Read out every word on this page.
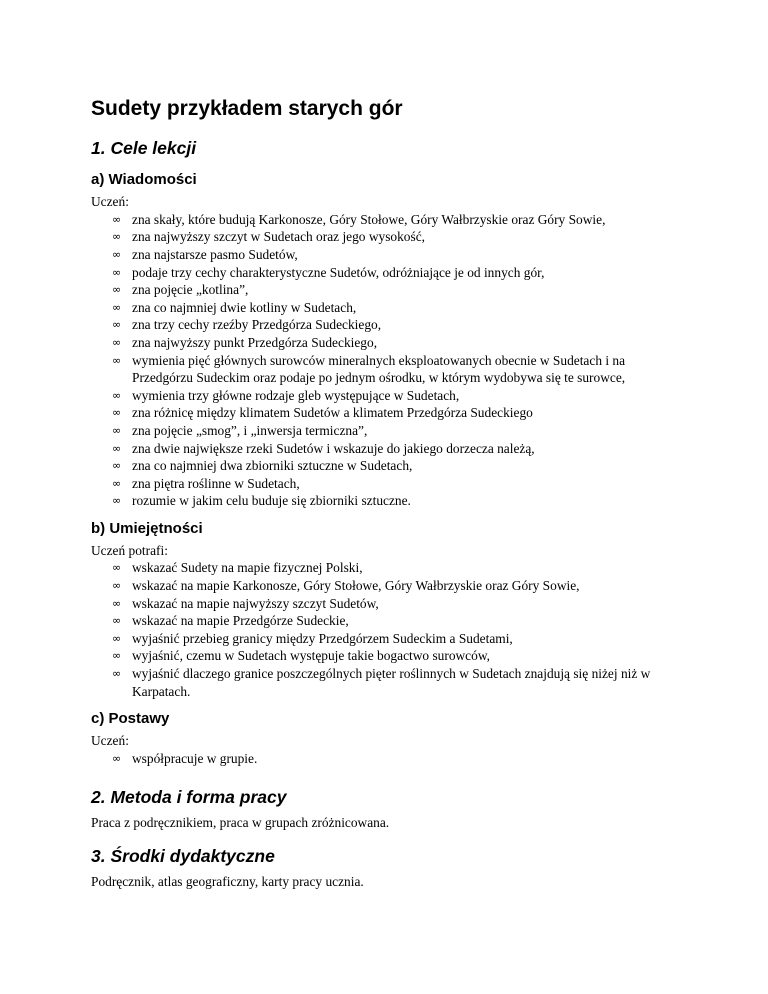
Sudety przykładem starych gór
1. Cele lekcji
a) Wiadomości

Uczeń:

∞ zna skały, które budują Karkonosze, Góry Stołowe, Góry Wałbrzyskie oraz Góry Sowie,
∞ zna najwyższy szczyt w Sudetach oraz jego wysokość,
∞ zna najstarsze pasmo Sudetów,
∞ podaje trzy cechy charakterystyczne Sudetów, odróżniające je od innych gór,
∞ zna pojęcie „kotlina”,
∞ zna co najmniej dwie kotliny w Sudetach,
∞ zna trzy cechy rzeźby Przedgórza Sudeckiego,
∞ zna najwyższy punkt Przedgórza Sudeckiego,
∞ wymienia pięć głównych surowców mineralnych eksploatowanych obecnie w Sudetach i na Przedgórzu Sudeckim oraz podaje po jednym ośrodku, w którym wydobywa się te surowce,
∞ wymienia trzy główne rodzaje gleb występujące w Sudetach,
∞ zna różnicę między klimatem Sudetów a klimatem Przedgórza Sudeckiego
∞ zna pojęcie „smog”, i „inwersja termiczna”,
∞ zna dwie największe rzeki Sudetów i wskazuje do jakiego dorzecza należą,
∞ zna co najmniej dwa zbiorniki sztuczne w Sudetach,
∞ zna piętra roślinne w Sudetach,
∞ rozumie w jakim celu buduje się zbiorniki sztuczne.
b) Umiejętności

Uczeń potrafi:

∞ wskazać Sudety na mapie fizycznej Polski,
∞ wskazać na mapie Karkonosze, Góry Stołowe, Góry Wałbrzyskie oraz Góry Sowie,
∞ wskazać na mapie najwyższy szczyt Sudetów,
∞ wskazać na mapie Przedgórze Sudeckie,
∞ wyjaśnić przebieg granicy między Przedgórzem Sudeckim a Sudetami,
∞ wyjaśnić, czemu w Sudetach występuje takie bogactwo surowców,
∞ wyjaśnić dlaczego granice poszczególnych pięter roślinnych w Sudetach znajdują się niżej niż w Karpatach.
c) Postawy

Uczeń:

∞ współpracuje w grupie.
2. Metoda i forma pracy

Praca z podręcznikiem, praca w grupach zróżnicowana.

3. Środki dydaktyczne

Podręcznik, atlas geograficzny, karty pracy ucznia.
